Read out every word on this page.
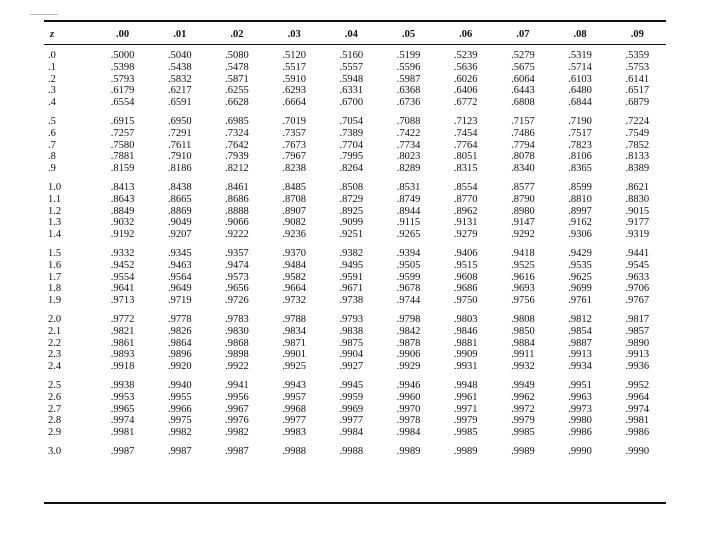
z	.00	.01	.02	.03	.04	.05	.06	.07	.08	.09
.0	.5000	.5040	.5080	.5120	.5160	.5199	.5239	.5279	.5319	.5359
.1	.5398	.5438	.5478	.5517	.5557	.5596	.5636	.5675	.5714	.5753
.2	.5793	.5832	.5871	.5910	.5948	.5987	.6026	.6064	.6103	.6141
.3	.6179	.6217	.6255	.6293	.6331	.6368	.6406	.6443	.6480	.6517
.4	.6554	.6591	.6628	.6664	.6700	.6736	.6772	.6808	.6844	.6879
.5	.6915	.6950	.6985	.7019	.7054	.7088	.7123	.7157	.7190	.7224
.6	.7257	.7291	.7324	.7357	.7389	.7422	.7454	.7486	.7517	.7549
.7	.7580	.7611	.7642	.7673	.7704	.7734	.7764	.7794	.7823	.7852
.8	.7881	.7910	.7939	.7967	.7995	.8023	.8051	.8078	.8106	.8133
.9	.8159	.8186	.8212	.8238	.8264	.8289	.8315	.8340	.8365	.8389
1.0	.8413	.8438	.8461	.8485	.8508	.8531	.8554	.8577	.8599	.8621
1.1	.8643	.8665	.8686	.8708	.8729	.8749	.8770	.8790	.8810	.8830
1.2	.8849	.8869	.8888	.8907	.8925	.8944	.8962	.8980	.8997	.9015
1.3	.9032	.9049	.9066	.9082	.9099	.9115	.9131	.9147	.9162	.9177
1.4	.9192	.9207	.9222	.9236	.9251	.9265	.9279	.9292	.9306	.9319
1.5	.9332	.9345	.9357	.9370	.9382	.9394	.9406	.9418	.9429	.9441
1.6	.9452	.9463	.9474	.9484	.9495	.9505	.9515	.9525	.9535	.9545
1.7	.9554	.9564	.9573	.9582	.9591	.9599	.9608	.9616	.9625	.9633
1.8	.9641	.9649	.9656	.9664	.9671	.9678	.9686	.9693	.9699	.9706
1.9	.9713	.9719	.9726	.9732	.9738	.9744	.9750	.9756	.9761	.9767
2.0	.9772	.9778	.9783	.9788	.9793	.9798	.9803	.9808	.9812	.9817
2.1	.9821	.9826	.9830	.9834	.9838	.9842	.9846	.9850	.9854	.9857
2.2	.9861	.9864	.9868	.9871	.9875	.9878	.9881	.9884	.9887	.9890
2.3	.9893	.9896	.9898	.9901	.9904	.9906	.9909	.9911	.9913	.9913
2.4	.9918	.9920	.9922	.9925	.9927	.9929	.9931	.9932	.9934	.9936
2.5	.9938	.9940	.9941	.9943	.9945	.9946	.9948	.9949	.9951	.9952
2.6	.9953	.9955	.9956	.9957	.9959	.9960	.9961	.9962	.9963	.9964
2.7	.9965	.9966	.9967	.9968	.9969	.9970	.9971	.9972	.9973	.9974
2.8	.9974	.9975	.9976	.9977	.9977	.9978	.9979	.9979	.9980	.9981
2.9	.9981	.9982	.9982	.9983	.9984	.9984	.9985	.9985	.9986	.9986
3.0	.9987	.9987	.9987	.9988	.9988	.9989	.9989	.9989	.9990	.9990
